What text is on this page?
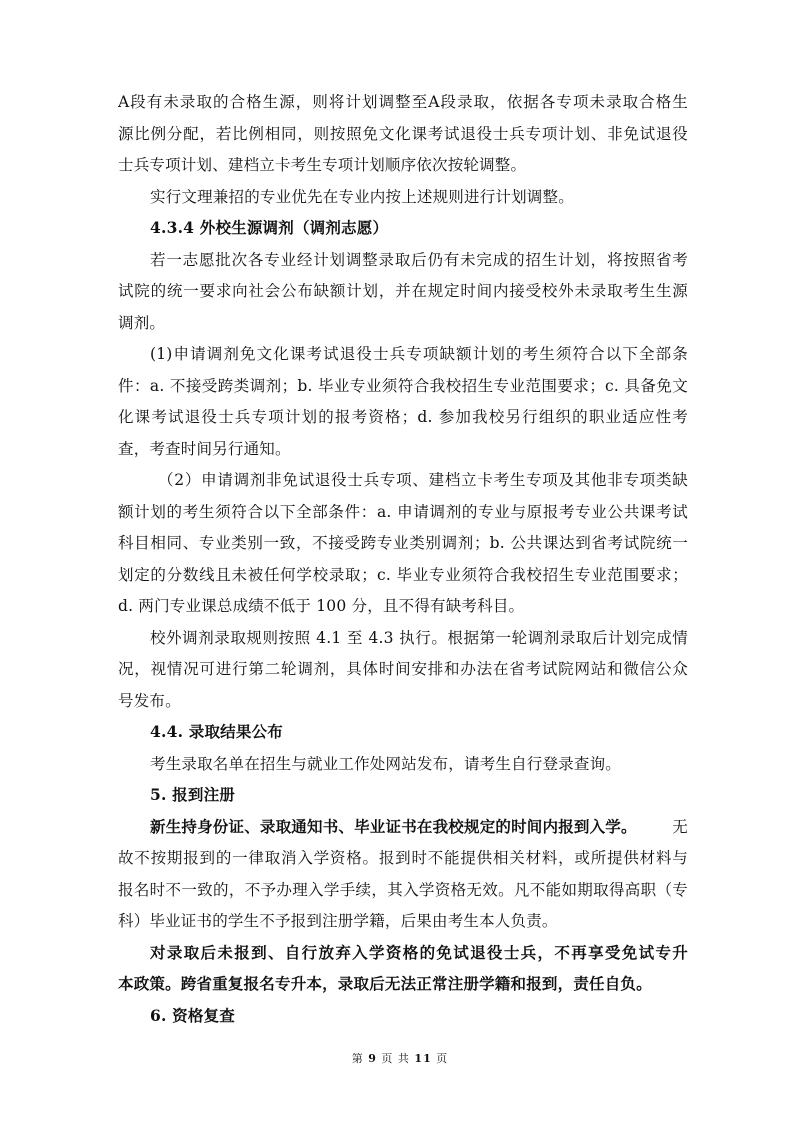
A段有未录取的合格生源，则将计划调整至A段录取，依据各专项未录取合格生
源比例分配，若比例相同，则按照免文化课考试退役士兵专项计划、非免试退役
士兵专项计划、建档立卡考生专项计划顺序依次按轮调整。
实行文理兼招的专业优先在专业内按上述规则进行计划调整。
4.3.4 外校生源调剂（调剂志愿）
若一志愿批次各专业经计划调整录取后仍有未完成的招生计划，将按照省考
试院的统一要求向社会公布缺额计划，并在规定时间内接受校外未录取考生生源
调剂。
(1)申请调剂免文化课考试退役士兵专项缺额计划的考生须符合以下全部条
件：a. 不接受跨类调剂；b. 毕业专业须符合我校招生专业范围要求；c. 具备免文
化课考试退役士兵专项计划的报考资格；d. 参加我校另行组织的职业适应性考
查，考查时间另行通知。
（2）申请调剂非免试退役士兵专项、建档立卡考生专项及其他非专项类缺
额计划的考生须符合以下全部条件：a. 申请调剂的专业与原报考专业公共课考试
科目相同、专业类别一致，不接受跨专业类别调剂；b. 公共课达到省考试院统一
划定的分数线且未被任何学校录取；c. 毕业专业须符合我校招生专业范围要求；
d. 两门专业课总成绩不低于 100 分，且不得有缺考科目。
校外调剂录取规则按照 4.1 至 4.3 执行。根据第一轮调剂录取后计划完成情
况，视情况可进行第二轮调剂，具体时间安排和办法在省考试院网站和微信公众
号发布。
4.4. 录取结果公布
考生录取名单在招生与就业工作处网站发布，请考生自行登录查询。
5. 报到注册
新生持身份证、录取通知书、毕业证书在我校规定的时间内报到入学。 无
故不按期报到的一律取消入学资格。报到时不能提供相关材料，或所提供材料与
报名时不一致的，不予办理入学手续，其入学资格无效。凡不能如期取得高职（专
科）毕业证书的学生不予报到注册学籍，后果由考生本人负责。
对录取后未报到、自行放弃入学资格的免试退役士兵，不再享受免试专升
本政策。跨省重复报名专升本，录取后无法正常注册学籍和报到，责任自负。
6. 资格复查
第 9 页 共 11 页
